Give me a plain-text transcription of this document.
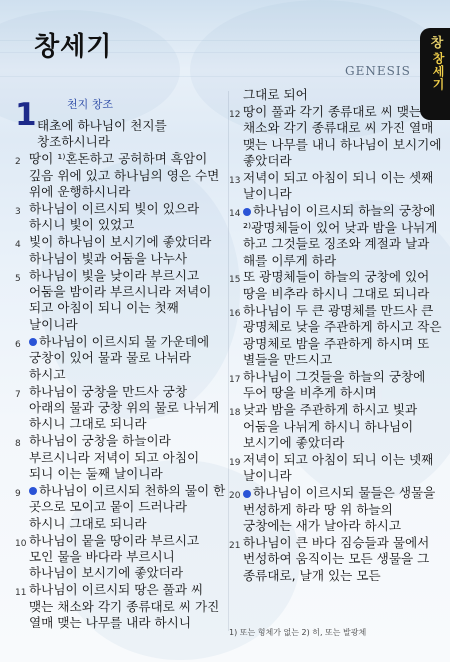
창세기
GENESIS
창
창세기
1	천지 창조
태초에 하나님이 천지를 창조하시니라
2 땅이 ¹⁾혼돈하고 공허하며 흑암이 깊음 위에 있고 하나님의 영은 수면 위에 운행하시니라
3 하나님이 이르시되 빛이 있으라 하시니 빛이 있었고
4 빛이 하나님이 보시기에 좋았더라 하나님이 빛과 어둠을 나누사
5 하나님이 빛을 낮이라 부르시고 어둠을 밤이라 부르시니라 저녁이 되고 아침이 되니 이는 첫째 날이니라
6 하나님이 이르시되 물 가운데에 궁창이 있어 물과 물로 나뉘라 하시고
7 하나님이 궁창을 만드사 궁창 아래의 물과 궁창 위의 물로 나뉘게 하시니 그대로 되니라
8 하나님이 궁창을 하늘이라 부르시니라 저녁이 되고 아침이 되니 이는 둘째 날이니라
9 하나님이 이르시되 천하의 물이 한 곳으로 모이고 뭍이 드러나라 하시니 그대로 되니라
10 하나님이 뭍을 땅이라 부르시고 모인 물을 바다라 부르시니 하나님이 보시기에 좋았더라
11 하나님이 이르시되 땅은 풀과 씨 맺는 채소와 각기 종류대로 씨 가진 열매 맺는 나무를 내라 하시니
그대로 되어
12 땅이 풀과 각기 종류대로 씨 맺는 채소와 각기 종류대로 씨 가진 열매 맺는 나무를 내니 하나님이 보시기에 좋았더라
13 저녁이 되고 아침이 되니 이는 셋째 날이니라
14 하나님이 이르시되 하늘의 궁창에 ²⁾광명체들이 있어 낮과 밤을 나뉘게 하고 그것들로 징조와 계절과 날과 해를 이루게 하라
15 또 광명체들이 하늘의 궁창에 있어 땅을 비추라 하시니 그대로 되니라
16 하나님이 두 큰 광명체를 만드사 큰 광명체로 낮을 주관하게 하시고 작은 광명체로 밤을 주관하게 하시며 또 별들을 만드시고
17 하나님이 그것들을 하늘의 궁창에 두어 땅을 비추게 하시며
18 낮과 밤을 주관하게 하시고 빛과 어둠을 나뉘게 하시니 하나님이 보시기에 좋았더라
19 저녁이 되고 아침이 되니 이는 넷째 날이니라
20 하나님이 이르시되 물들은 생물을 번성하게 하라 땅 위 하늘의 궁창에는 새가 날아라 하시고
21 하나님이 큰 바다 짐승들과 물에서 번성하여 움직이는 모든 생물을 그 종류대로, 날개 있는 모든
1) 또는 형체가 없는 2) 히, 또는 발광체
